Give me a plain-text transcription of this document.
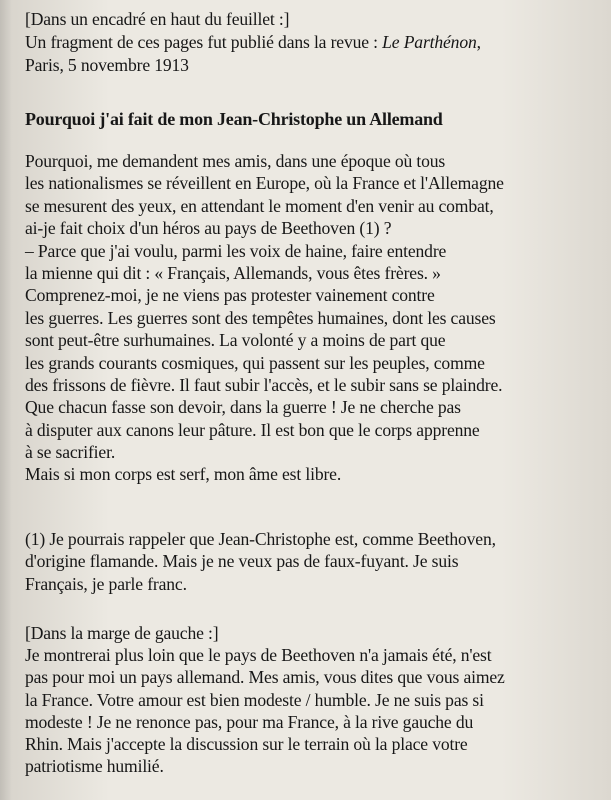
[Dans un encadré en haut du feuillet :]
Un fragment de ces pages fut publié dans la revue : Le Parthénon,
Paris, 5 novembre 1913
Pourquoi j'ai fait de mon Jean-Christophe un Allemand
Pourquoi, me demandent mes amis, dans une époque où tous
les nationalismes se réveillent en Europe, où la France et l'Allemagne
se mesurent des yeux, en attendant le moment d'en venir au combat,
ai-je fait choix d'un héros au pays de Beethoven (1) ?
– Parce que j'ai voulu, parmi les voix de haine, faire entendre
la mienne qui dit : « Français, Allemands, vous êtes frères. »
Comprenez-moi, je ne viens pas protester vainement contre
les guerres. Les guerres sont des tempêtes humaines, dont les causes
sont peut-être surhumaines. La volonté y a moins de part que
les grands courants cosmiques, qui passent sur les peuples, comme
des frissons de fièvre. Il faut subir l'accès, et le subir sans se plaindre.
Que chacun fasse son devoir, dans la guerre ! Je ne cherche pas
à disputer aux canons leur pâture. Il est bon que le corps apprenne
à se sacrifier.
Mais si mon corps est serf, mon âme est libre.
(1) Je pourrais rappeler que Jean-Christophe est, comme Beethoven,
d'origine flamande. Mais je ne veux pas de faux-fuyant. Je suis
Français, je parle franc.
[Dans la marge de gauche :]
Je montrerai plus loin que le pays de Beethoven n'a jamais été, n'est
pas pour moi un pays allemand. Mes amis, vous dites que vous aimez
la France. Votre amour est bien modeste / humble. Je ne suis pas si
modeste ! Je ne renonce pas, pour ma France, à la rive gauche du
Rhin. Mais j'accepte la discussion sur le terrain où la place votre
patriotisme humilié.
